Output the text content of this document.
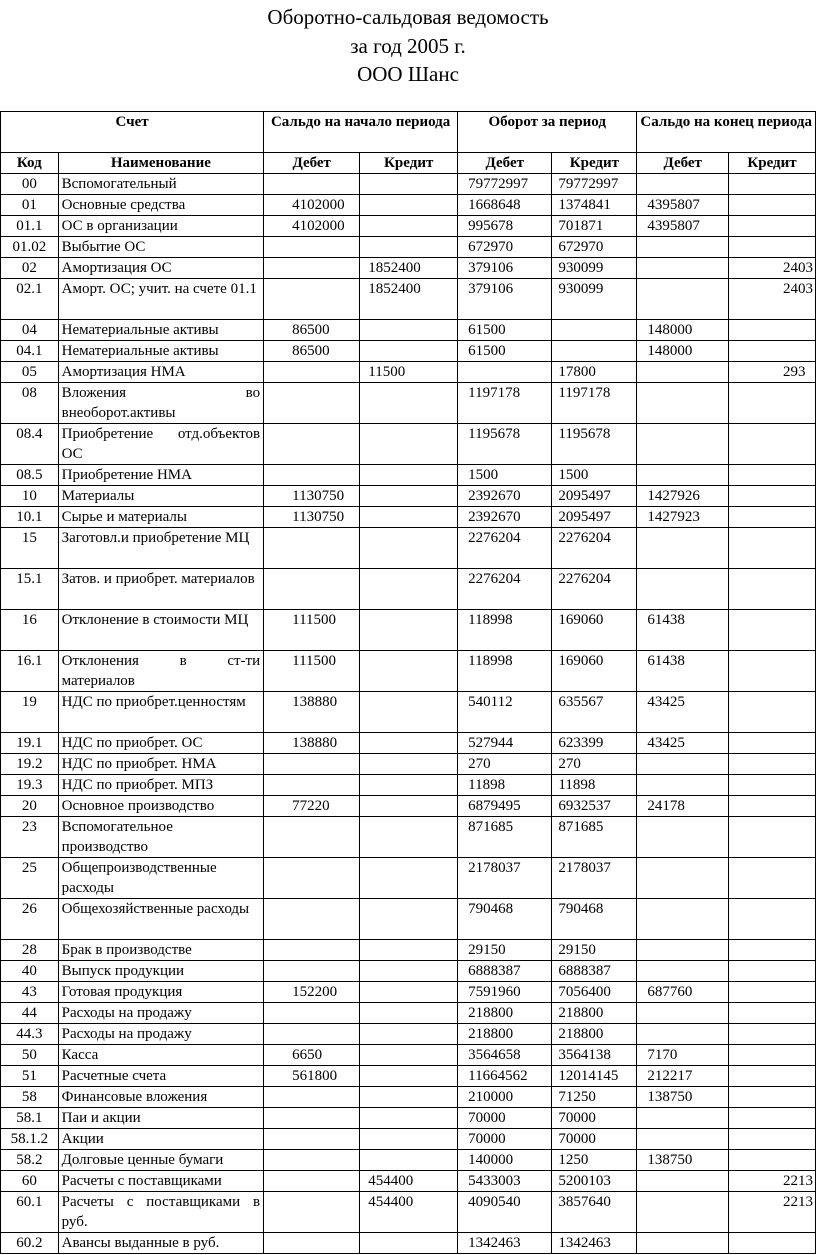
Оборотно-сальдовая ведомость
за год 2005 г.
ООО Шанс
Счет		Сальдо на начало периода		Оборот за период		Сальдо на конец периода	
Код	Наименование	Дебет	Кредит	Дебет	Кредит	Дебет	Кредит
00	Вспомогательный			79772997	79772997		
01	Основные средства	4102000		1668648	1374841	4395807	
01.1	ОС в организации	4102000		995678	701871	4395807	
01.02	Выбытие ОС			672970	672970		
02	Амортизация ОС		1852400	379106	930099		2403
02.1	Аморт. ОС; учит. на счете 01.1		1852400	379106	930099		2403
04	Нематериальные активы	86500		61500		148000	
04.1	Нематериальные активы	86500		61500		148000	
05	Амортизация НМА		11500		17800		293
08	Вложения во внеоборот.активы			1197178	1197178		
08.4	Приобретение отд.объектов ОС			1195678	1195678		
08.5	Приобретение НМА			1500	1500		
10	Материалы	1130750		2392670	2095497	1427926	
10.1	Сырье и материалы	1130750		2392670	2095497	1427923	
15	Заготовл.и приобретение МЦ			2276204	2276204		
15.1	Затов. и приобрет. материалов			2276204	2276204		
16	Отклонение в стоимости МЦ	111500		118998	169060	61438	
16.1	Отклонения в ст-ти материалов	111500		118998	169060	61438	
19	НДС по приобрет.ценностям	138880		540112	635567	43425	
19.1	НДС по приобрет. ОС	138880		527944	623399	43425	
19.2	НДС по приобрет. НМА			270	270		
19.3	НДС по приобрет. МПЗ			11898	11898		
20	Основное производство	77220		6879495	6932537	24178	
23	Вспомогательное производство			871685	871685		
25	Общепроизводственные расходы			2178037	2178037		
26	Общехозяйственные расходы			790468	790468		
28	Брак в производстве			29150	29150		
40	Выпуск продукции			6888387	6888387		
43	Готовая продукция	152200		7591960	7056400	687760	
44	Расходы на продажу			218800	218800		
44.3	Расходы на продажу			218800	218800		
50	Касса	6650		3564658	3564138	7170	
51	Расчетные счета	561800		11664562	12014145	212217	
58	Финансовые вложения			210000	71250	138750	
58.1	Паи и акции			70000	70000		
58.1.2	Акции			70000	70000		
58.2	Долговые ценные бумаги			140000	1250	138750	
60	Расчеты с поставщиками		454400	5433003	5200103		2213
60.1	Расчеты с поставщиками в руб.		454400	4090540	3857640		2213
60.2	Авансы выданные в руб.			1342463	1342463		
